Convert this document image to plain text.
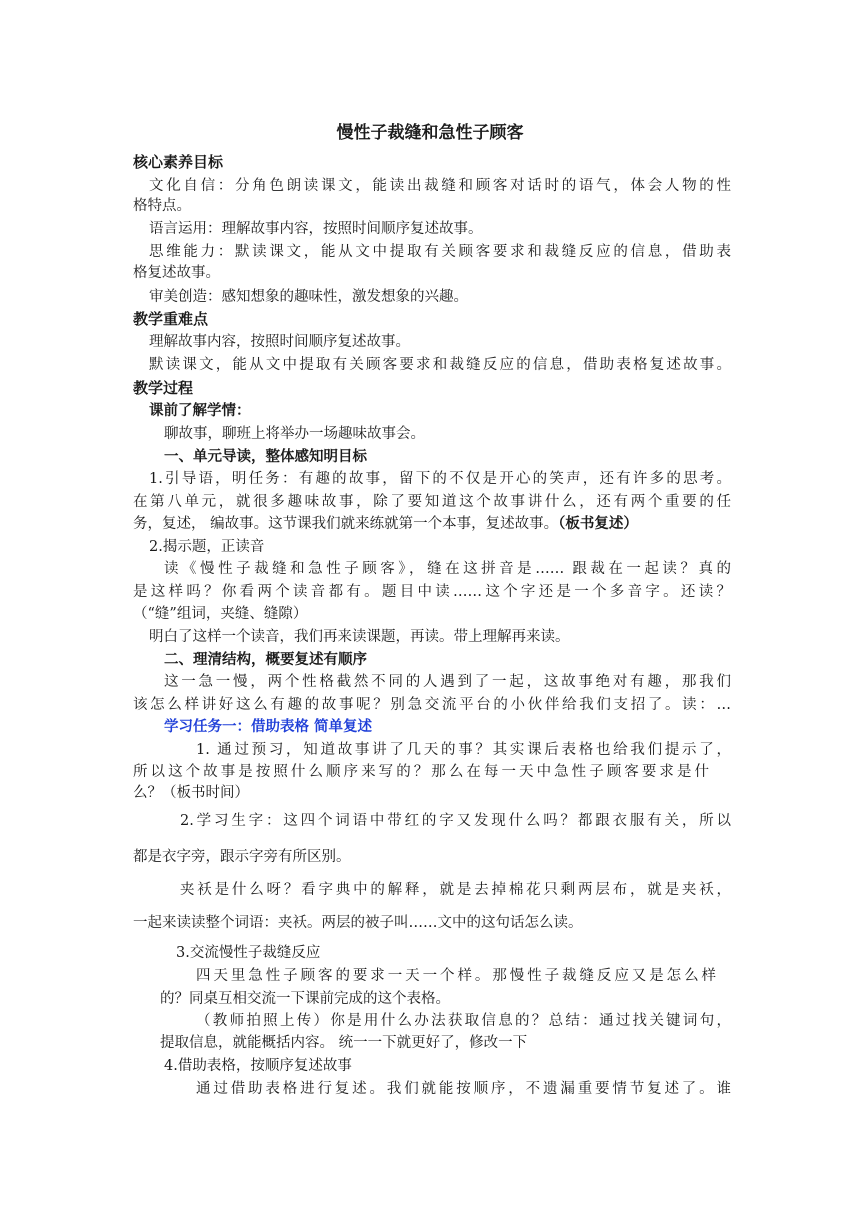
慢性子裁缝和急性子顾客
核心素养目标
文化自信：分角色朗读课文，能读出裁缝和顾客对话时的语气，体会人物的性
格特点。
语言运用：理解故事内容，按照时间顺序复述故事。
思维能力：默读课文，能从文中提取有关顾客要求和裁缝反应的信息，借助表
格复述故事。
审美创造：感知想象的趣味性，激发想象的兴趣。
教学重难点
理解故事内容，按照时间顺序复述故事。
默读课文，能从文中提取有关顾客要求和裁缝反应的信息，借助表格复述故事。
教学过程
课前了解学情：
聊故事，聊班上将举办一场趣味故事会。
一、单元导读，整体感知明目标
1.引导语，明任务：有趣的故事，留下的不仅是开心的笑声，还有许多的思考。
在第八单元，就很多趣味故事，除了要知道这个故事讲什么，还有两个重要的任
务，复述， 编故事。这节课我们就来练就第一个本事，复述故事。（板书复述）
2.揭示题，正读音
读《慢性子裁缝和急性子顾客》，缝在这拼音是…… 跟裁在一起读？真的
是这样吗？你看两个读音都有。题目中读……这个字还是一个多音字。还读？
（“缝”组词，夹缝、缝隙）
明白了这样一个读音，我们再来读课题，再读。带上理解再来读。
二、理清结构，概要复述有顺序
这一急一慢，两个性格截然不同的人遇到了一起，这故事绝对有趣，那我们
该怎么样讲好这么有趣的故事呢？别急交流平台的小伙伴给我们支招了。读：…
学习任务一：借助表格 简单复述
1. 通过预习，知道故事讲了几天的事？其实课后表格也给我们提示了，
所以这个故事是按照什么顺序来写的？那么在每一天中急性子顾客要求是什
么？（板书时间）
2.学习生字：这四个词语中带红的字又发现什么吗？都跟衣服有关，所以
都是衣字旁，跟示字旁有所区别。
夹袄是什么呀？看字典中的解释，就是去掉棉花只剩两层布，就是夹袄，
一起来读读整个词语：夹袄。两层的被子叫……文中的这句话怎么读。
3.交流慢性子裁缝反应
四天里急性子顾客的要求一天一个样。那慢性子裁缝反应又是怎么样
的？同桌互相交流一下课前完成的这个表格。
（教师拍照上传）你是用什么办法获取信息的？总结：通过找关键词句，
提取信息，就能概括内容。 统一一下就更好了，修改一下
4.借助表格，按顺序复述故事
通过借助表格进行复述。我们就能按顺序，不遗漏重要情节复述了。谁
